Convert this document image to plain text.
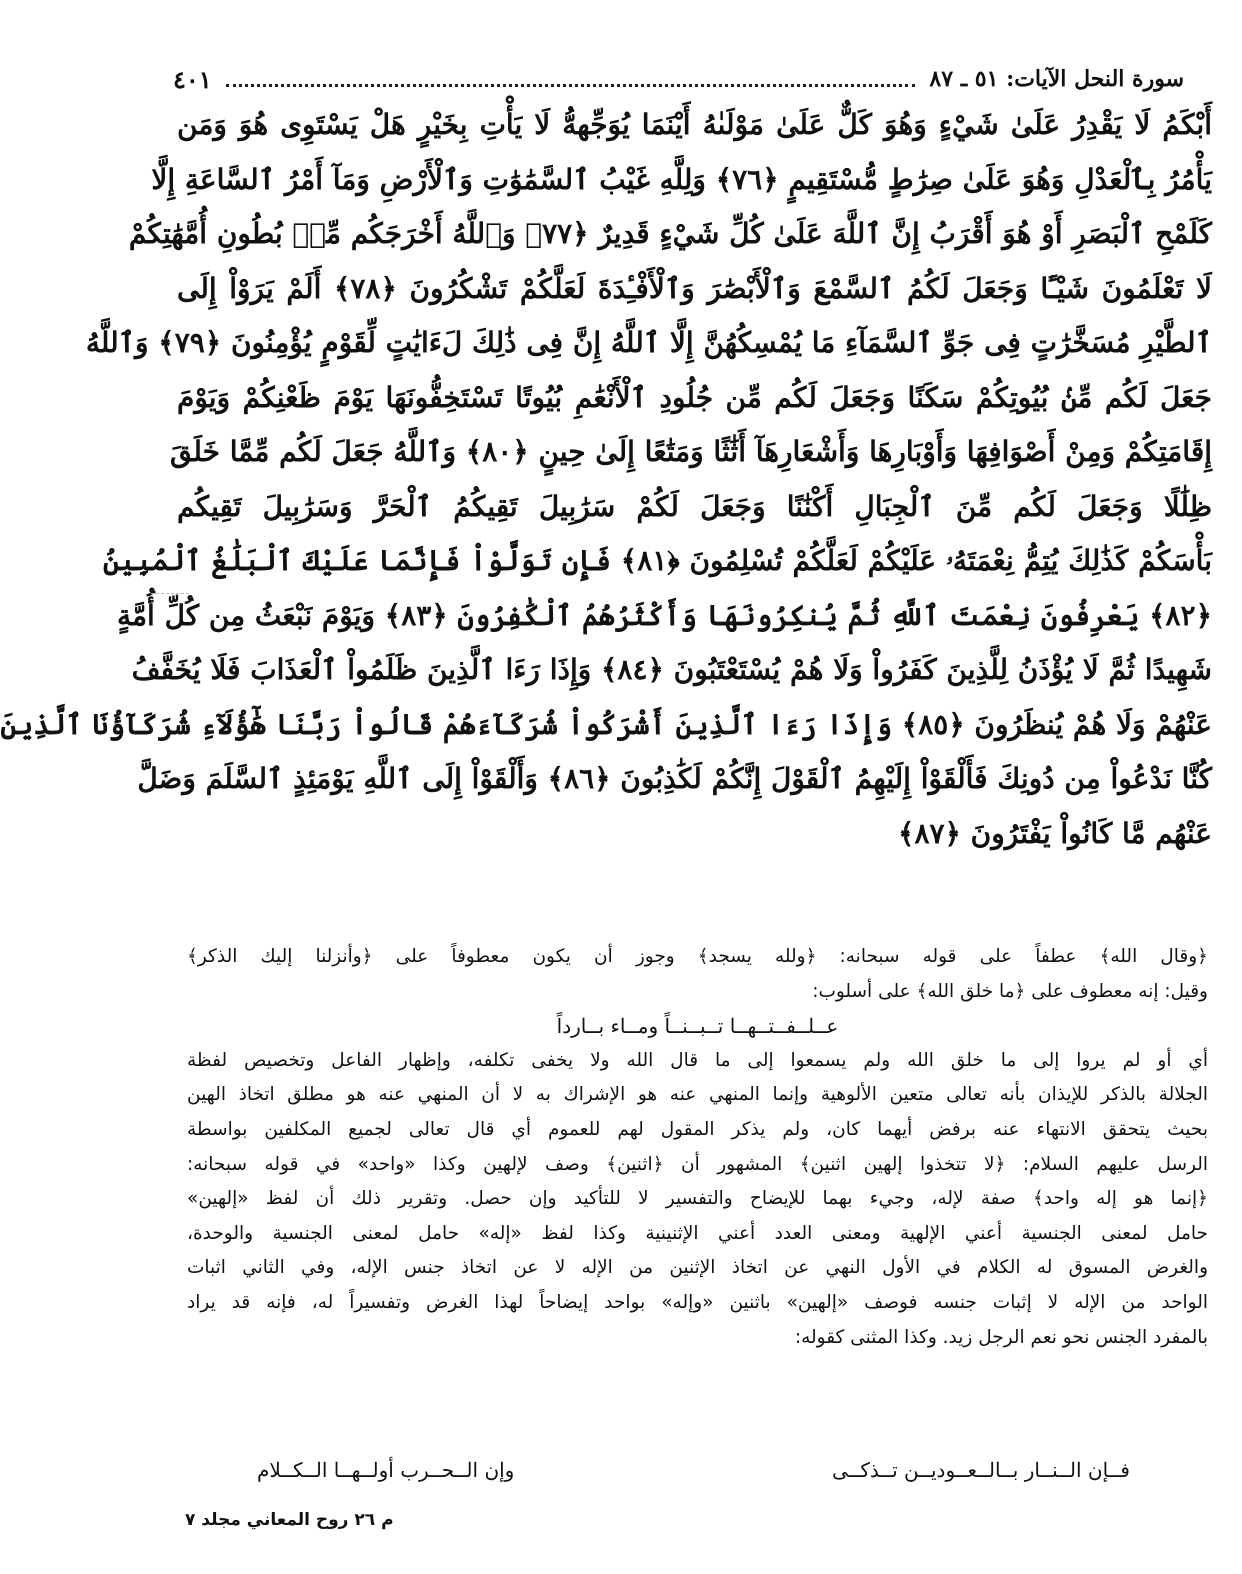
سورة النحل الآيات: ٥١ ـ ٨٧
٤٠١
أَبْكَمُ لَا يَقْدِرُ عَلَىٰ شَيْءٍ وَهُوَ كَلٌّ عَلَىٰ مَوْلَىٰهُ أَيْنَمَا يُوَجِّههُّ لَا يَأْتِ بِخَيْرٍ هَلْ يَسْتَوِى هُوَ وَمَن
يَأْمُرُ بِٱلْعَدْلِ وَهُوَ عَلَىٰ صِرَٰطٍ مُّسْتَقِيمٍ ﴿٧٦﴾ وَلِلَّهِ غَيْبُ ٱلسَّمَٰوَٰتِ وَٱلْأَرْضِ وَمَآ أَمْرُ ٱلسَّاعَةِ إِلَّا
كَلَمْحِ ٱلْبَصَرِ أَوْ هُوَ أَقْرَبُ إِنَّ ٱللَّهَ عَلَىٰ كُلِّ شَيْءٍ قَدِيرٌ ﴿٧٧﴾ وَٱللَّهُ أَخْرَجَكُم مِّنۢ بُطُونِ أُمَّهَٰتِكُمْ
لَا تَعْلَمُونَ شَيْـًٔا وَجَعَلَ لَكُمُ ٱلسَّمْعَ وَٱلْأَبْصَٰرَ وَٱلْأَفْـِٔدَةَ لَعَلَّكُمْ تَشْكُرُونَ ﴿٧٨﴾ أَلَمْ يَرَوْاْ إِلَى
ٱلطَّيْرِ مُسَخَّرَٰتٍ فِى جَوِّ ٱلسَّمَآءِ مَا يُمْسِكُهُنَّ إِلَّا ٱللَّهُ إِنَّ فِى ذَٰلِكَ لَءَايَٰتٍ لِّقَوْمٍ يُؤْمِنُونَ ﴿٧٩﴾ وَٱللَّهُ
جَعَلَ لَكُم مِّنۢ بُيُوتِكُمْ سَكَنًا وَجَعَلَ لَكُم مِّن جُلُودِ ٱلْأَنْعَٰمِ بُيُوتًا تَسْتَخِفُّونَهَا يَوْمَ ظَعْنِكُمْ وَيَوْمَ
إِقَامَتِكُمْ وَمِنْ أَصْوَافِهَا وَأَوْبَارِهَا وَأَشْعَارِهَآ أَثَٰثًا وَمَتَٰعًا إِلَىٰ حِينٍ ﴿٨٠﴾ وَٱللَّهُ جَعَلَ لَكُم مِّمَّا خَلَقَ
ظِلَٰلًا وَجَعَلَ لَكُم مِّنَ ٱلْجِبَالِ أَكْنَٰنًا وَجَعَلَ لَكُمْ سَرَٰبِيلَ تَقِيكُمُ ٱلْحَرَّ وَسَرَٰبِيلَ تَقِيكُم
بَأْسَكُمْ كَذَٰلِكَ يُتِمُّ نِعْمَتَهُۥ عَلَيْكُمْ لَعَلَّكُمْ تُسْلِمُونَ ﴿٨١﴾ فَإِن تَوَلَّوْاْ فَإِنَّمَا عَلَيْكَ ٱلْبَلَٰغُ ٱلْمُبِينُ
﴿٨٢﴾ يَعْرِفُونَ نِعْمَتَ ٱللَّهِ ثُمَّ يُنكِرُونَهَا وَأَكْثَرُهُمُ ٱلْكَٰفِرُونَ ﴿٨٣﴾ وَيَوْمَ نَبْعَثُ مِن كُلِّ أُمَّةٍ
شَهِيدًا ثُمَّ لَا يُؤْذَنُ لِلَّذِينَ كَفَرُواْ وَلَا هُمْ يُسْتَعْتَبُونَ ﴿٨٤﴾ وَإِذَا رَءَا ٱلَّذِينَ ظَلَمُواْ ٱلْعَذَابَ فَلَا يُخَفَّفُ
عَنْهُمْ وَلَا هُمْ يُنظَرُونَ ﴿٨٥﴾ وَإِذَا رَءَا ٱلَّذِينَ أَشْرَكُواْ شُرَكَآءَهُمْ قَالُواْ رَبَّنَا هَٰٓؤُلَآءِ شُرَكَآؤُنَا ٱلَّذِينَ
كُنَّا نَدْعُواْ مِن دُونِكَ فَأَلْقَوْاْ إِلَيْهِمُ ٱلْقَوْلَ إِنَّكُمْ لَكَٰذِبُونَ ﴿٨٦﴾ وَأَلْقَوْاْ إِلَى ٱللَّهِ يَوْمَئِذٍ ٱلسَّلَمَ وَضَلَّ
عَنْهُم مَّا كَانُواْ يَفْتَرُونَ ﴿٨٧﴾
﴿وقال الله﴾ عطفاً على قوله سبحانه: ﴿ولله يسجد﴾ وجوز أن يكون معطوفاً على ﴿وأنزلنا إليك الذكر﴾
وقيل: إنه معطوف على ﴿ما خلق الله﴾ على أسلوب:
عــلــفــتــهــا تــبــنــاً ومــاء بــارداً
أي أو لم يروا إلى ما خلق الله ولم يسمعوا إلى ما قال الله ولا يخفى تكلفه، وإظهار الفاعل وتخصيص لفظة
الجلالة بالذكر للإيذان بأنه تعالى متعين الألوهية وإنما المنهي عنه هو الإشراك به لا أن المنهي عنه هو مطلق اتخاذ الهين
بحيث يتحقق الانتهاء عنه برفض أيهما كان، ولم يذكر المقول لهم للعموم أي قال تعالى لجميع المكلفين بواسطة
الرسل عليهم السلام: ﴿لا تتخذوا إلهين اثنين﴾ المشهور أن ﴿اثنين﴾ وصف لإلهين وكذا «واحد» في قوله سبحانه:
﴿إنما هو إله واحد﴾ صفة لإله، وجيء بهما للإيضاح والتفسير لا للتأكيد وإن حصل. وتقرير ذلك أن لفظ «إلهين»
حامل لمعنى الجنسية أعني الإلهية ومعنى العدد أعني الإثنينية وكذا لفظ «إله» حامل لمعنى الجنسية والوحدة،
والغرض المسوق له الكلام في الأول النهي عن اتخاذ الإثنين من الإله لا عن اتخاذ جنس الإله، وفي الثاني اثبات
الواحد من الإله لا إثبات جنسه فوصف «إلهين» باثنين «وإله» بواحد إيضاحاً لهذا الغرض وتفسيراً له، فإنه قد يراد
بالمفرد الجنس نحو نعم الرجل زيد. وكذا المثنى كقوله:
فــإن الــنــار بــالــعــوديــن تــذكــى
وإن الــحــرب أولــهــا الــكــلام
م ٢٦ روح المعاني مجلد ٧
